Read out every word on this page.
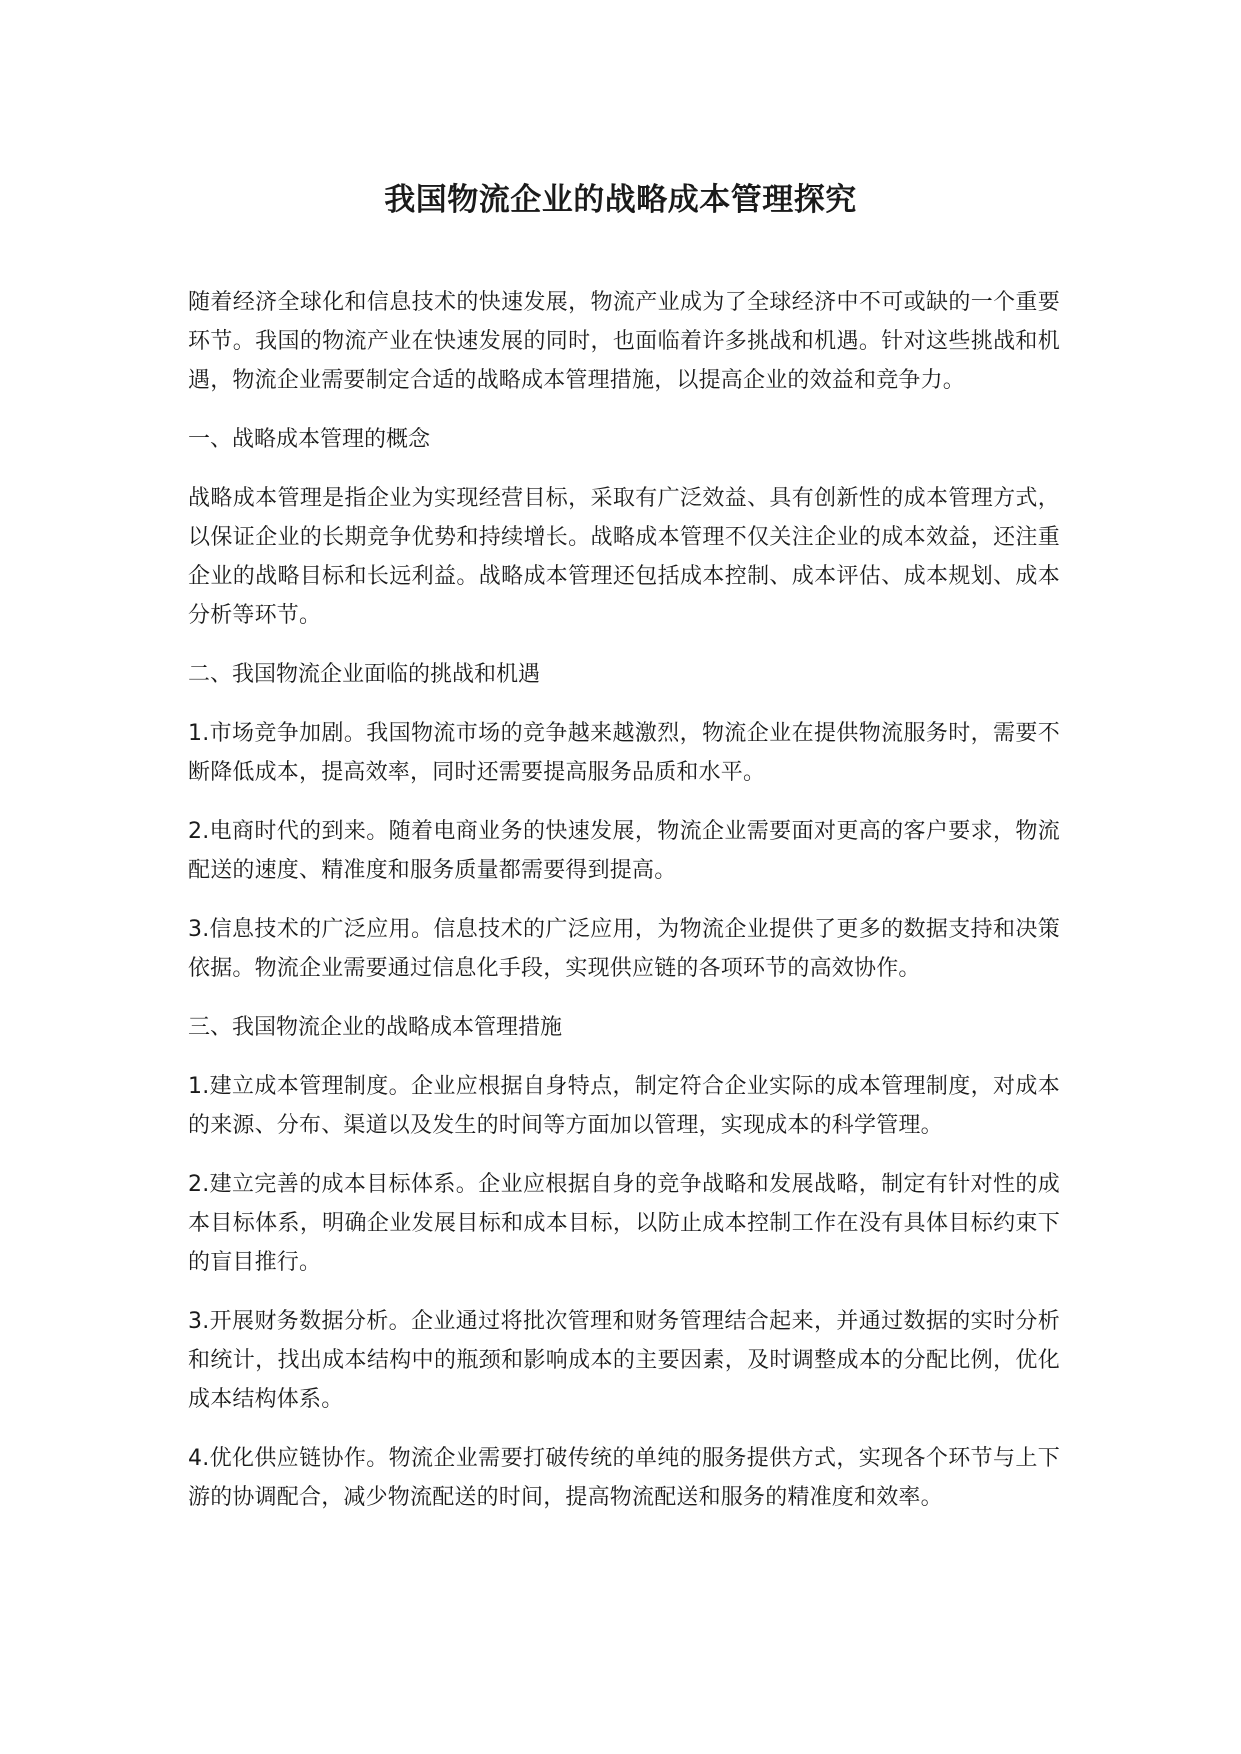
我国物流企业的战略成本管理探究

随着经济全球化和信息技术的快速发展，物流产业成为了全球经济中不可或缺的一个重要环节。我国的物流产业在快速发展的同时，也面临着许多挑战和机遇。针对这些挑战和机遇，物流企业需要制定合适的战略成本管理措施，以提高企业的效益和竞争力。

一、战略成本管理的概念

战略成本管理是指企业为实现经营目标，采取有广泛效益、具有创新性的成本管理方式，以保证企业的长期竞争优势和持续增长。战略成本管理不仅关注企业的成本效益，还注重企业的战略目标和长远利益。战略成本管理还包括成本控制、成本评估、成本规划、成本分析等环节。

二、我国物流企业面临的挑战和机遇

1.市场竞争加剧。我国物流市场的竞争越来越激烈，物流企业在提供物流服务时，需要不断降低成本，提高效率，同时还需要提高服务品质和水平。

2.电商时代的到来。随着电商业务的快速发展，物流企业需要面对更高的客户要求，物流配送的速度、精准度和服务质量都需要得到提高。

3.信息技术的广泛应用。信息技术的广泛应用，为物流企业提供了更多的数据支持和决策依据。物流企业需要通过信息化手段，实现供应链的各项环节的高效协作。

三、我国物流企业的战略成本管理措施

1.建立成本管理制度。企业应根据自身特点，制定符合企业实际的成本管理制度，对成本的来源、分布、渠道以及发生的时间等方面加以管理，实现成本的科学管理。

2.建立完善的成本目标体系。企业应根据自身的竞争战略和发展战略，制定有针对性的成本目标体系，明确企业发展目标和成本目标，以防止成本控制工作在没有具体目标约束下的盲目推行。

3.开展财务数据分析。企业通过将批次管理和财务管理结合起来，并通过数据的实时分析和统计，找出成本结构中的瓶颈和影响成本的主要因素，及时调整成本的分配比例，优化成本结构体系。

4.优化供应链协作。物流企业需要打破传统的单纯的服务提供方式，实现各个环节与上下游的协调配合，减少物流配送的时间，提高物流配送和服务的精准度和效率。
